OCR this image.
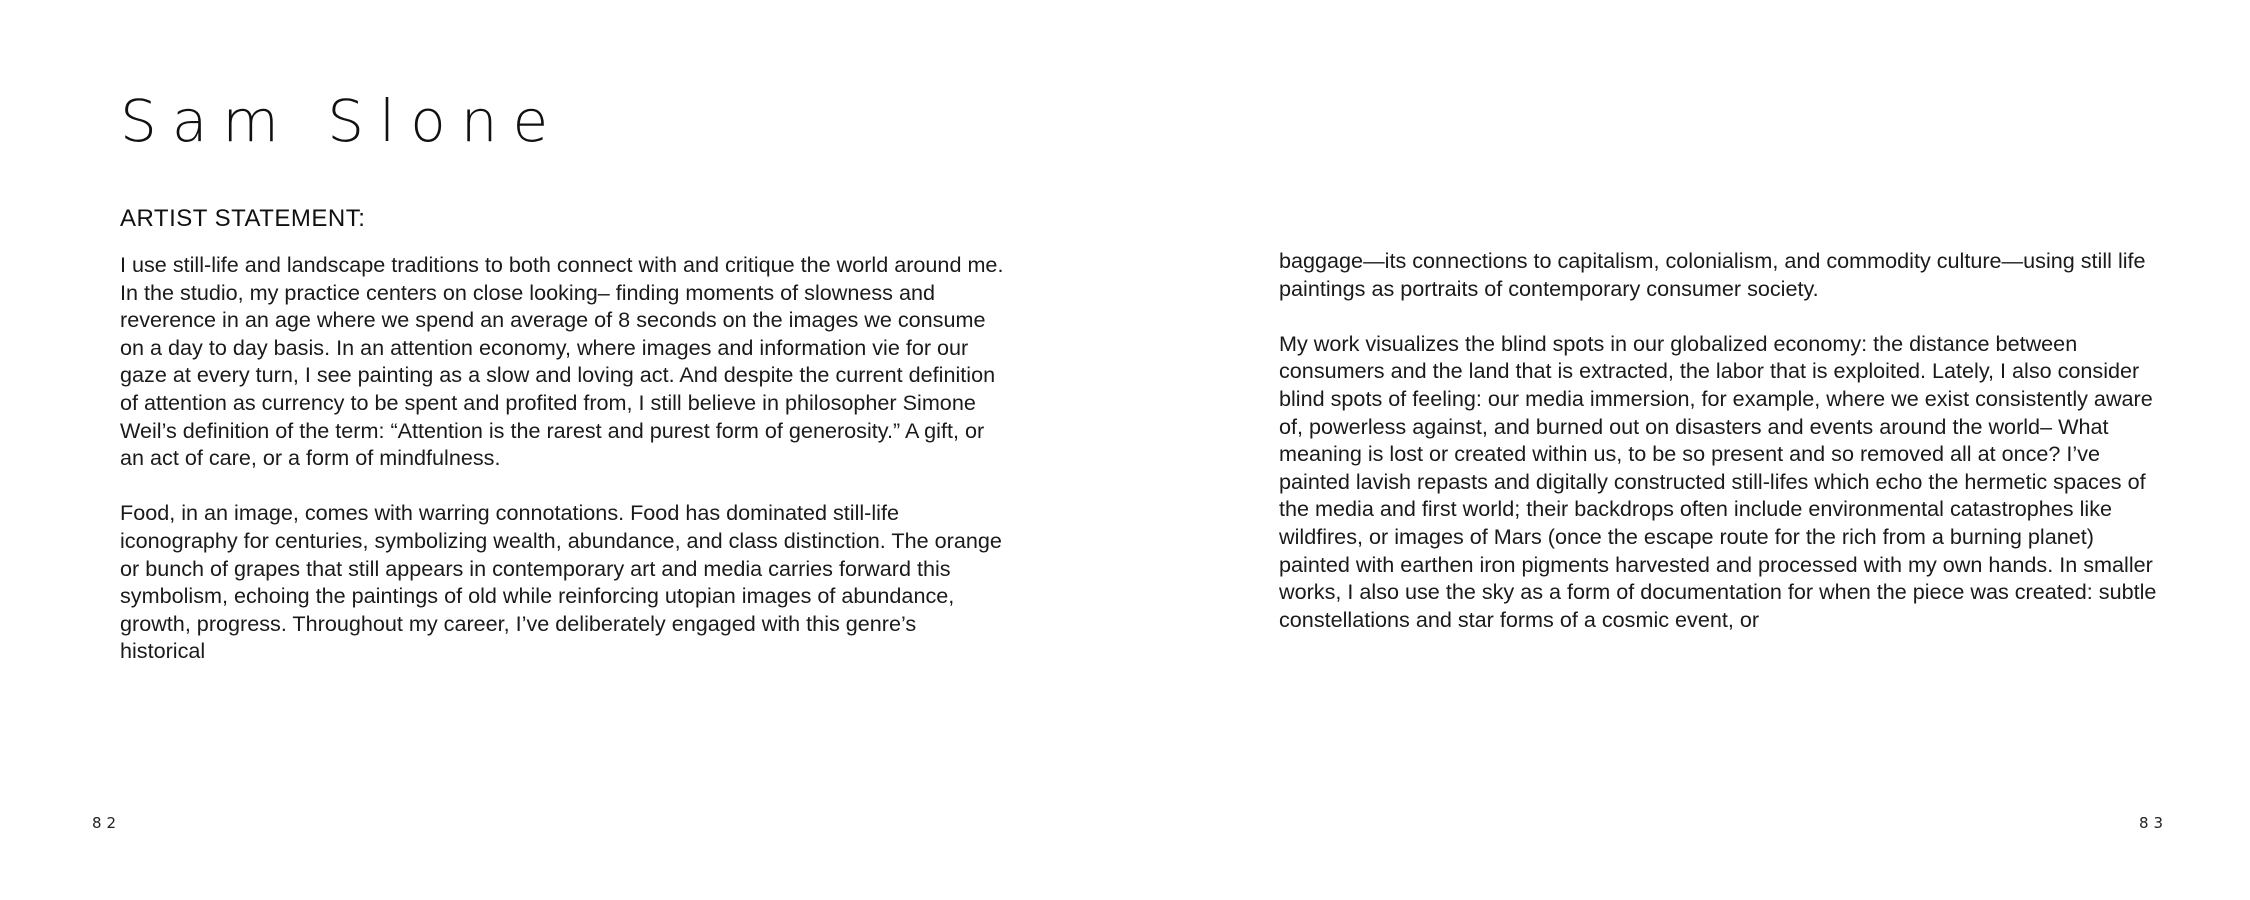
Sam Slone
ARTIST STATEMENT:

I use still-life and landscape traditions to both connect with and critique the world around me. In the studio, my practice centers on close looking– finding moments of slowness and reverence in an age where we spend an average of 8 seconds on the images we consume on a day to day basis. In an attention economy, where images and information vie for our gaze at every turn, I see painting as a slow and loving act. And despite the current definition of attention as currency to be spent and profited from, I still believe in philosopher Simone Weil’s definition of the term: “Attention is the rarest and purest form of generosity.” A gift, or an act of care, or a form of mindfulness.

Food, in an image, comes with warring connotations. Food has dominated still-life iconography for centuries, symbolizing wealth, abundance, and class distinction. The orange or bunch of grapes that still appears in contemporary art and media carries forward this symbolism, echoing the paintings of old while reinforcing utopian images of abundance, growth, progress. Throughout my career, I’ve deliberately engaged with this genre’s historical

82

baggage—its connections to capitalism, colonialism, and commodity culture—using still life paintings as portraits of contemporary consumer society.

My work visualizes the blind spots in our globalized economy: the distance between consumers and the land that is extracted, the labor that is exploited. Lately, I also consider blind spots of feeling: our media immersion, for example, where we exist consistently aware of, powerless against, and burned out on disasters and events around the world– What meaning is lost or created within us, to be so present and so removed all at once? I’ve painted lavish repasts and digitally constructed still-lifes which echo the hermetic spaces of the media and first world; their backdrops often include environmental catastrophes like wildfires, or images of Mars (once the escape route for the rich from a burning planet) painted with earthen iron pigments harvested and processed with my own hands. In smaller works, I also use the sky as a form of documentation for when the piece was created: subtle constellations and star forms of a cosmic event, or

83
